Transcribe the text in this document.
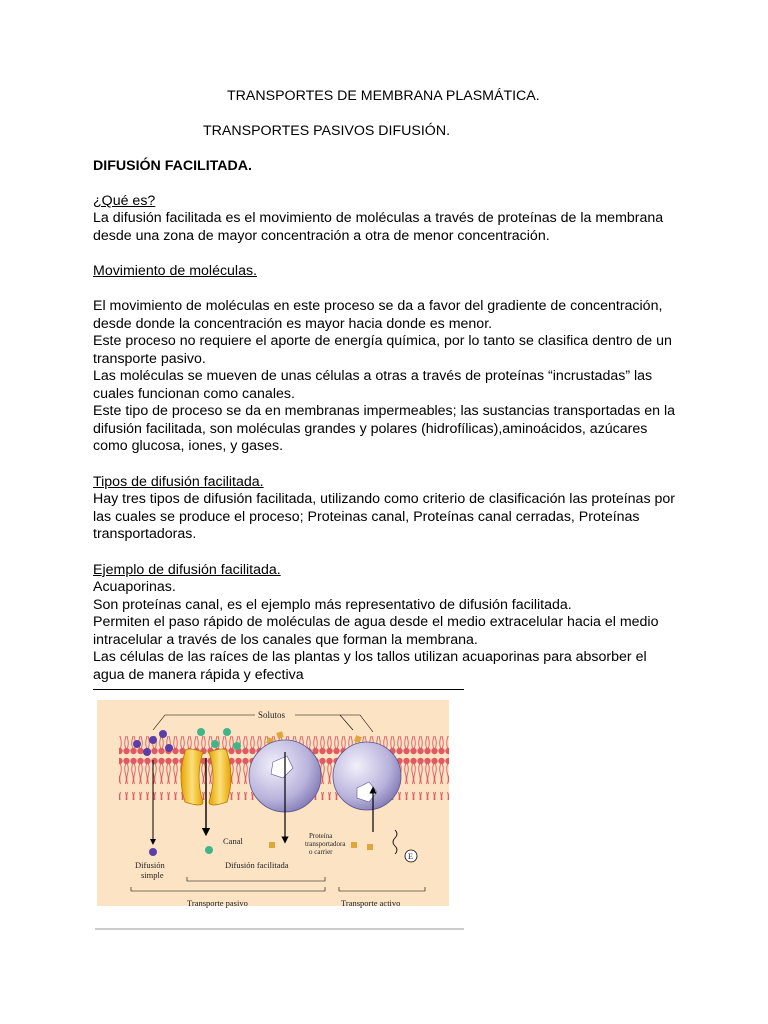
TRANSPORTES DE MEMBRANA PLASMÁTICA.
TRANSPORTES PASIVOS DIFUSIÓN.
DIFUSIÓN FACILITADA.
¿Qué es?
La difusión facilitada es el movimiento de moléculas a través de proteínas de la membrana
desde una zona de mayor concentración a otra de menor concentración.
Movimiento de moléculas.
El movimiento de moléculas en este proceso se da a favor del gradiente de concentración,
desde donde la concentración es mayor hacia donde es menor.
Este proceso no requiere el aporte de energía química, por lo tanto se clasifica dentro de un
transporte pasivo.
Las moléculas se mueven de unas células a otras a través de proteínas “incrustadas” las
cuales funcionan como canales.
Este tipo de proceso se da en membranas impermeables; las sustancias transportadas en la
difusión facilitada, son moléculas grandes y polares (hidrofílicas),aminoácidos, azúcares
como glucosa, iones, y gases.
Tipos de difusión facilitada.
Hay tres tipos de difusión facilitada, utilizando como criterio de clasificación las proteínas por
las cuales se produce el proceso; Proteinas canal, Proteínas canal cerradas, Proteínas
transportadoras.
Ejemplo de difusión facilitada.
Acuaporinas.
Son proteínas canal, es el ejemplo más representativo de difusión facilitada.
Permiten el paso rápido de moléculas de agua desde el medio extracelular hacia el medio
intracelular a través de los canales que forman la membrana.
Las células de las raíces de las plantas y los tallos utilizan acuaporinas para absorber el
agua de manera rápida y efectiva
Solutos
Canal	Proteína
transportadora
o carrier	E
Difusión
simple
Difusión facilitada
Transporte pasivo	Transporte activo
